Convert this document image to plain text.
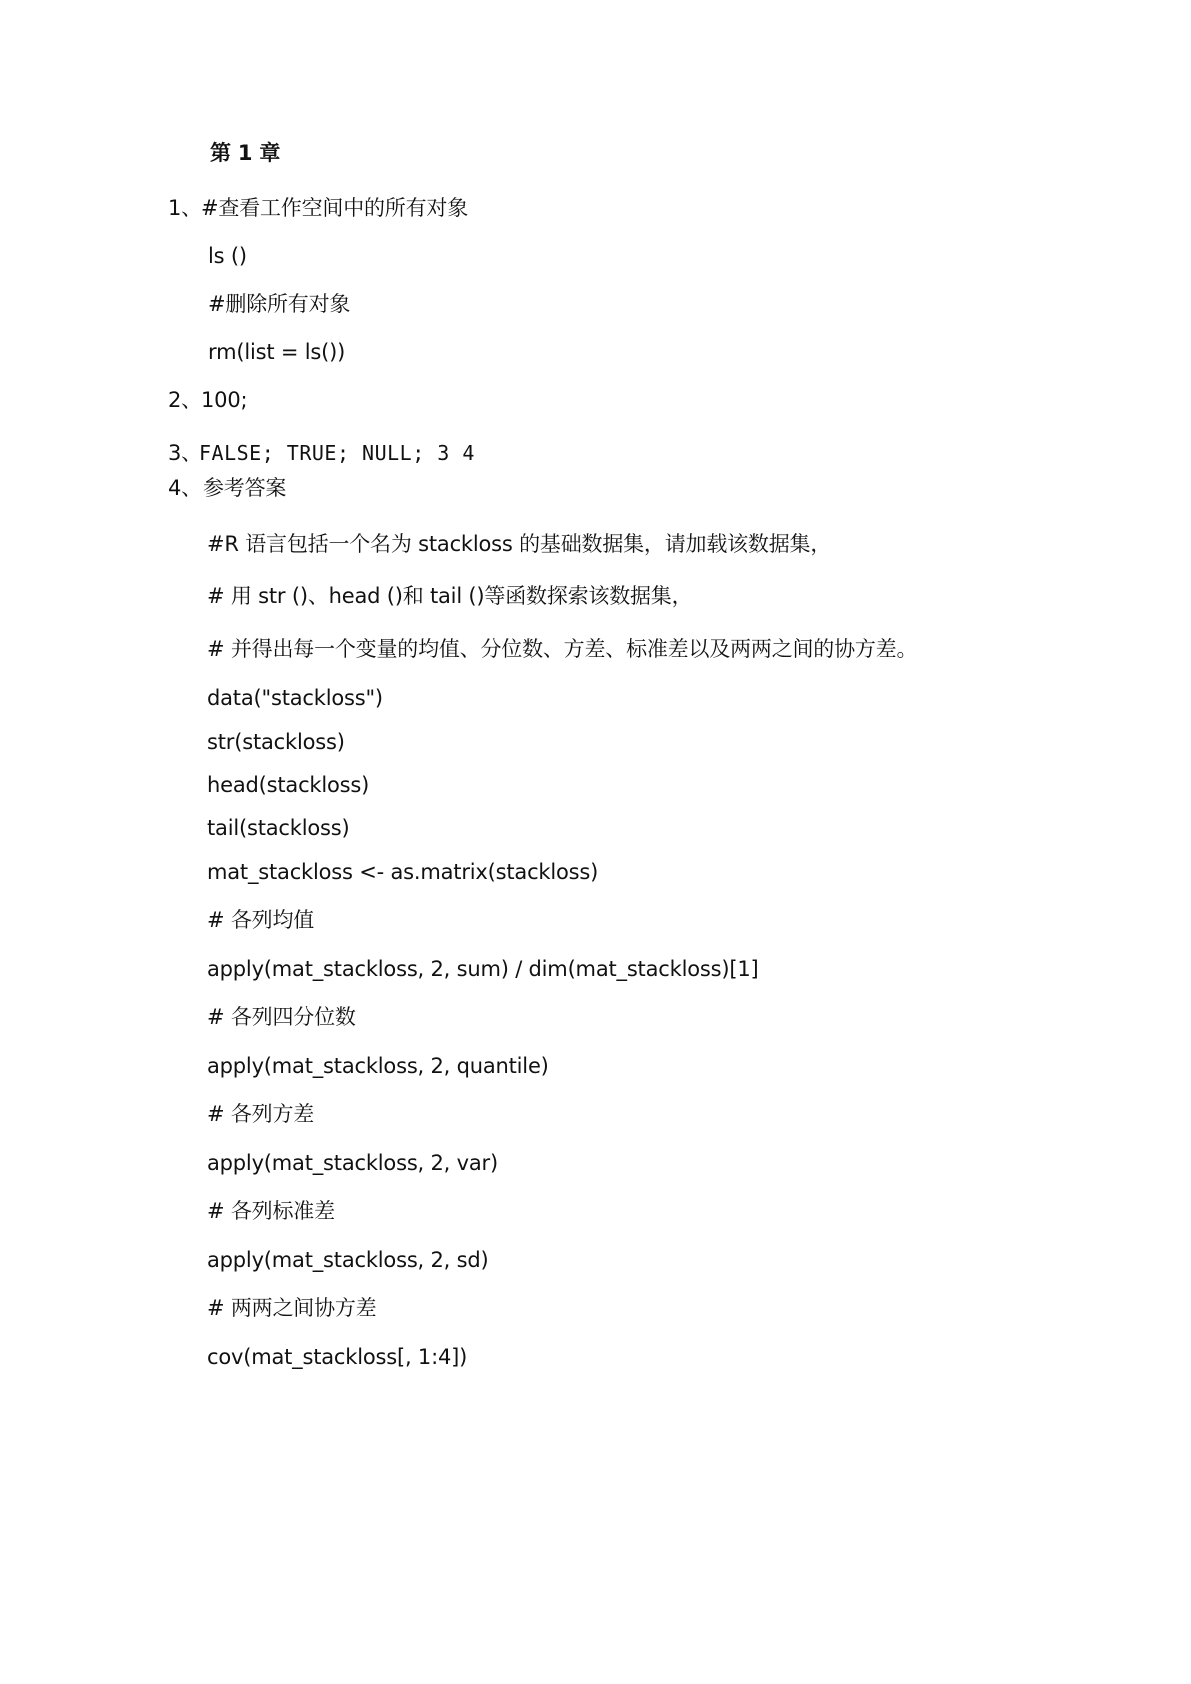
第 1 章
1、 #查看工作空间中的所有对象
ls ()
#删除所有对象
rm(list = ls())
2、 100;
3、
FALSE; TRUE; NULL; 3 4
4、 参考答案
#R 语言包括一个名为 stackloss 的基础数据集，请加载该数据集，
# 用 str ()、head ()和 tail ()等函数探索该数据集，
# 并得出每一个变量的均值、分位数、方差、标准差以及两两之间的协方差。
data("stackloss")
str(stackloss)
head(stackloss)
tail(stackloss)
mat_stackloss <- as.matrix(stackloss)
# 各列均值
apply(mat_stackloss, 2, sum) / dim(mat_stackloss)[1]
# 各列四分位数
apply(mat_stackloss, 2, quantile)
# 各列方差
apply(mat_stackloss, 2, var)
# 各列标准差
apply(mat_stackloss, 2, sd)
# 两两之间协方差
cov(mat_stackloss[, 1:4])
